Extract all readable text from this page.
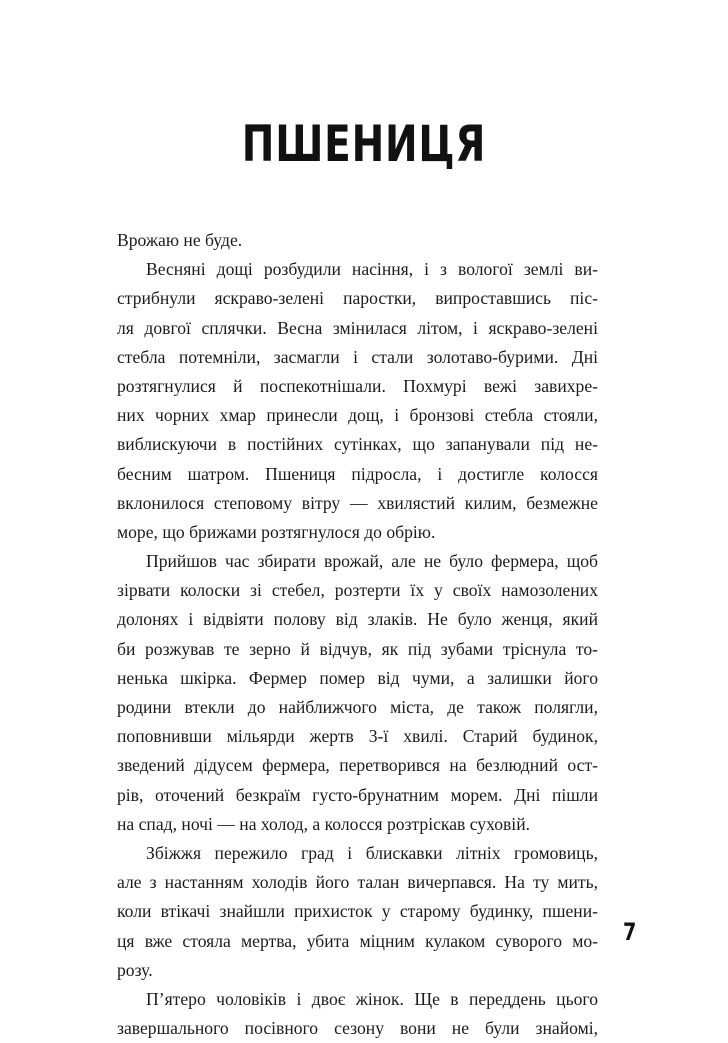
ПШЕНИЦЯ
Врожаю не буде.
Весняні дощі розбудили насіння, і з вологої землі ви-
стрибнули яскраво-зелені паростки, випроставшись піс-
ля довгої сплячки. Весна змінилася літом, і яскраво-зелені
стебла потемніли, засмагли і стали золотаво-бурими. Дні
розтягнулися й поспекотнішали. Похмурі вежі завихре-
них чорних хмар принесли дощ, і бронзові стебла стояли,
виблискуючи в постійних сутінках, що запанували під не-
бесним шатром. Пшениця підросла, і достигле колосся
вклонилося степовому вітру — хвилястий килим, безмежне
море, що брижами розтягнулося до обрію.
Прийшов час збирати врожай, але не було фермера, щоб
зірвати колоски зі стебел, розтерти їх у своїх намозолених
долонях і відвіяти полову від злаків. Не було женця, який
би розжував те зерно й відчув, як під зубами тріснула то-
ненька шкірка. Фермер помер від чуми, а залишки його
родини втекли до найближчого міста, де також полягли,
поповнивши мільярди жертв 3-ї хвилі. Старий будинок,
зведений дідусем фермера, перетворився на безлюдний ост-
рів, оточений безкраїм густо-брунатним морем. Дні пішли
на спад, ночі — на холод, а колосся розтріскав суховій.
Збіжжя пережило град і блискавки літніх громовиць,
але з настанням холодів його талан вичерпався. На ту мить,
коли втікачі знайшли прихисток у старому будинку, пшени-
ця вже стояла мертва, убита міцним кулаком суворого мо-
розу.
П’ятеро чоловіків і двоє жінок. Ще в переддень цього
завершального посівного сезону вони не були знайомі,
7
